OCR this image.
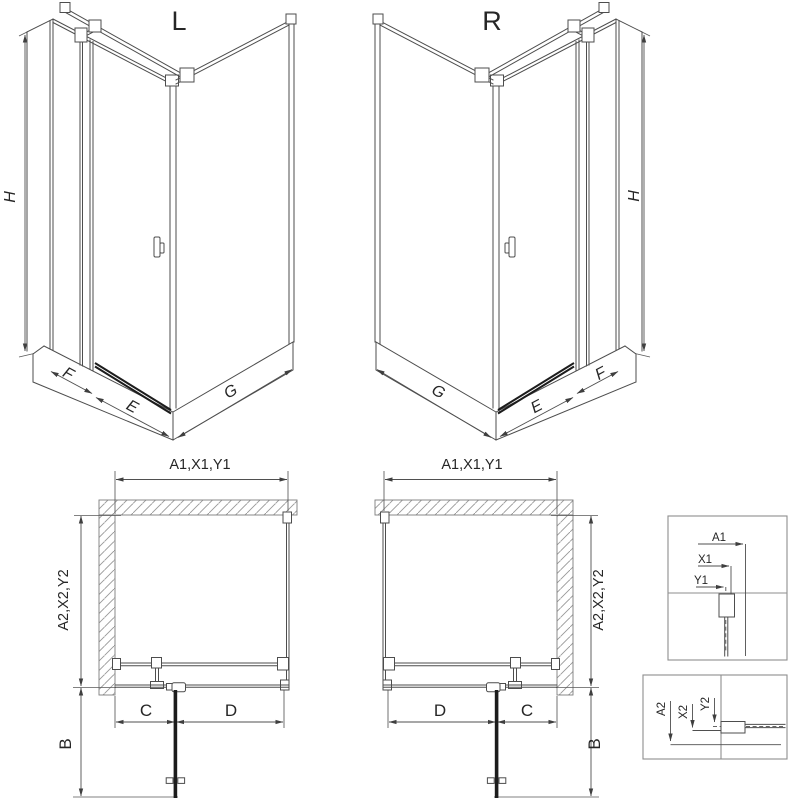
L	R
H	H
F
E
G
F
E
G
A1,X1,Y1
A2,X2,Y2
C	D
B
A1,X1,Y1
A2,X2,Y2
D	C
B
A1
X1
Y1
A2 X2
Y2
